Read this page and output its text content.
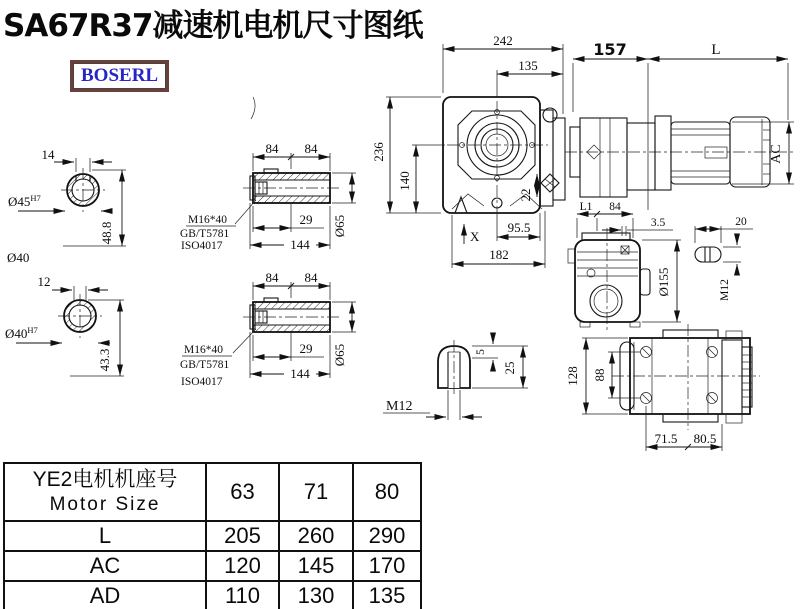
SA67R37减速机电机尺寸图纸
BOSERL
14
$Ø45^{H7}$
48.8
Ø40
12
$Ø40^{H7}$
43.3
84 84
M16*40
GB/T5781
ISO4017
29
144
Ø65
84 84
M16*40
GB/T5781
ISO4017
29
144
Ø65
22
242
135
236
140
95.5
X
182
157	L
AC
L1 84
3.5
Ø155
20
M12
5
25
M12
128 88
71.5 80.5
YE2电机机座号
Motor Size	63	71	80
L	205	260	290
AC	120	145	170
AD	110	130	135
